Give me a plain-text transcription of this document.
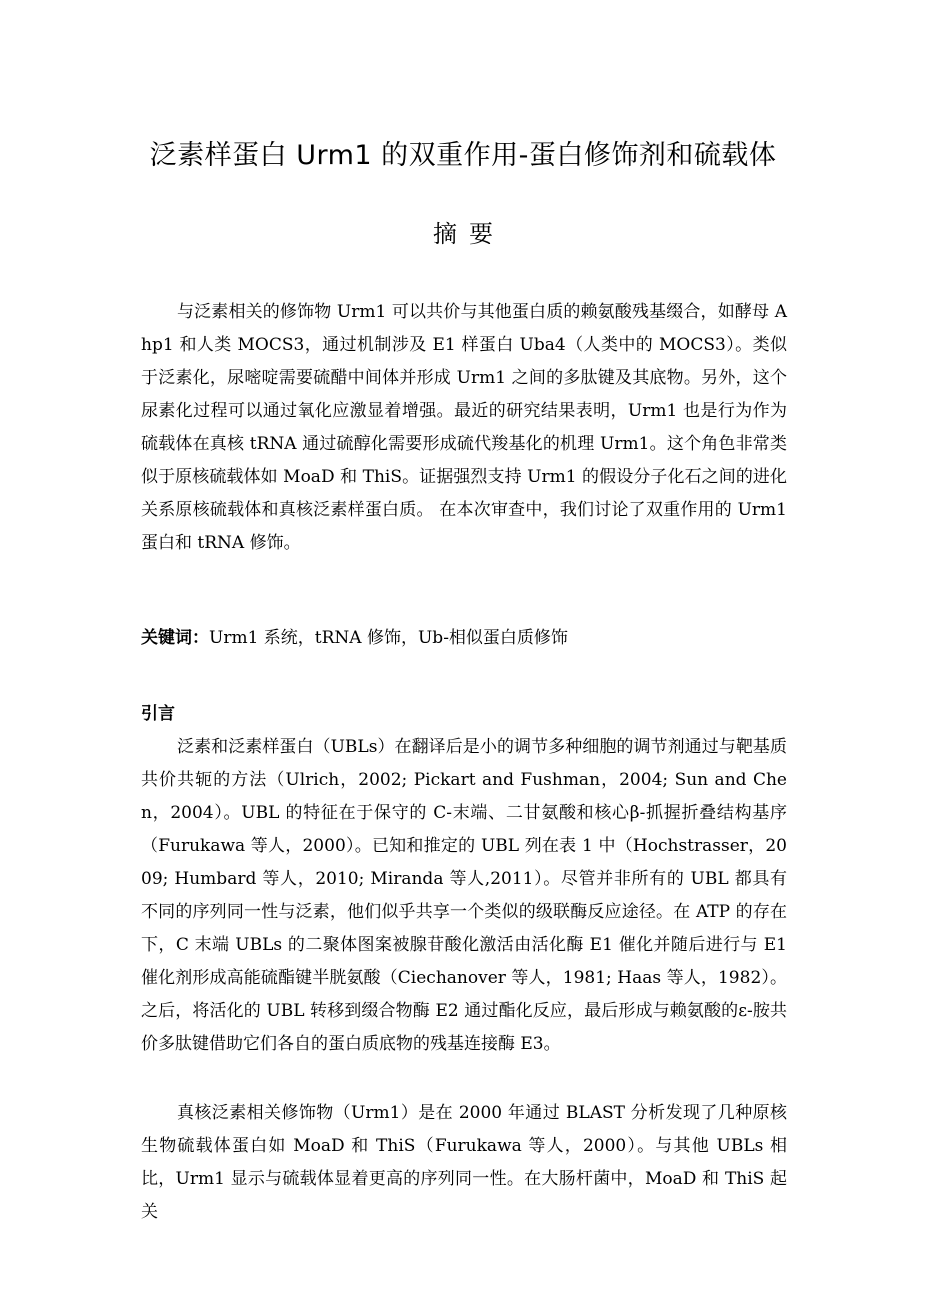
泛素样蛋白 Urm1 的双重作用-蛋白修饰剂和硫载体
摘要

与泛素相关的修饰物 Urm1 可以共价与其他蛋白质的赖氨酸残基缀合，如酵母 Ahp1 和人类 MOCS3，通过机制涉及 E1 样蛋白 Uba4（人类中的 MOCS3）。类似于泛素化，尿嘧啶需要硫醋中间体并形成 Urm1 之间的多肽键及其底物。另外，这个尿素化过程可以通过氧化应激显着增强。最近的研究结果表明，Urm1 也是行为作为硫载体在真核 tRNA 通过硫醇化需要形成硫代羧基化的机理 Urm1。这个角色非常类似于原核硫载体如 MoaD 和 ThiS。证据强烈支持 Urm1 的假设分子化石之间的进化关系原核硫载体和真核泛素样蛋白质。 在本次审查中，我们讨论了双重作用的 Urm1 蛋白和 tRNA 修饰。

关键词：Urm1 系统，tRNA 修饰，Ub-相似蛋白质修饰

引言

泛素和泛素样蛋白（UBLs）在翻译后是小的调节多种细胞的调节剂通过与靶基质共价共轭的方法（Ulrich，2002; Pickart and Fushman，2004; Sun and Chen，2004）。UBL 的特征在于保守的 C-末端、二甘氨酸和核心β-抓握折叠结构基序（Furukawa 等人，2000）。已知和推定的 UBL 列在表 1 中（Hochstrasser，2009; Humbard 等人，2010; Miranda 等人,2011）。尽管并非所有的 UBL 都具有不同的序列同一性与泛素，他们似乎共享一个类似的级联酶反应途径。在 ATP 的存在下，C 末端 UBLs 的二聚体图案被腺苷酸化激活由活化酶 E1 催化并随后进行与 E1 催化剂形成高能硫酯键半胱氨酸（Ciechanover 等人，1981; Haas 等人，1982）。之后，将活化的 UBL 转移到缀合物酶 E2 通过酯化反应，最后形成与赖氨酸的ε-胺共价多肽键借助它们各自的蛋白质底物的残基连接酶 E3。

真核泛素相关修饰物（Urm1）是在 2000 年通过 BLAST 分析发现了几种原核生物硫载体蛋白如 MoaD 和 ThiS（Furukawa 等人，2000）。与其他 UBLs 相比，Urm1 显示与硫载体显着更高的序列同一性。在大肠杆菌中，MoaD 和 ThiS 起关
